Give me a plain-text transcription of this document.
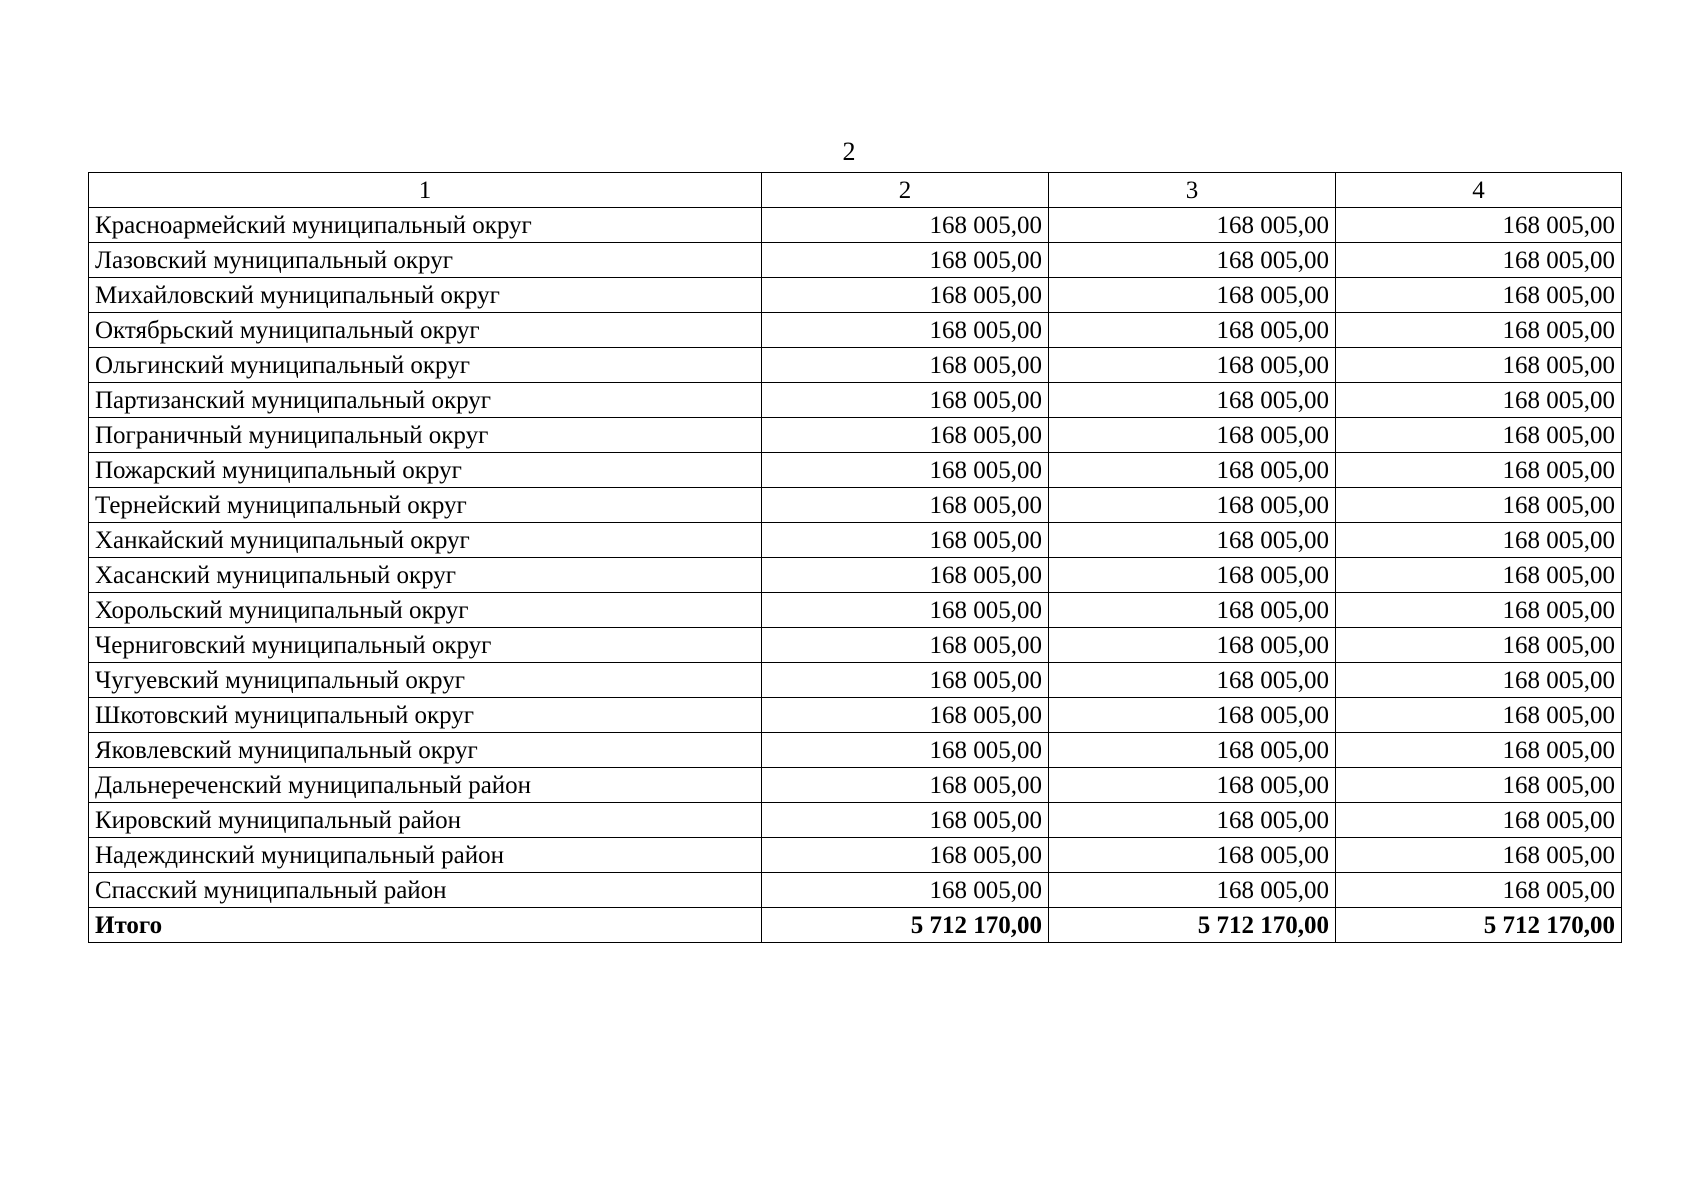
2
1	2	3	4
Красноармейский муниципальный округ	168 005,00	168 005,00	168 005,00
Лазовский муниципальный округ	168 005,00	168 005,00	168 005,00
Михайловский муниципальный округ	168 005,00	168 005,00	168 005,00
Октябрьский муниципальный округ	168 005,00	168 005,00	168 005,00
Ольгинский муниципальный округ	168 005,00	168 005,00	168 005,00
Партизанский муниципальный округ	168 005,00	168 005,00	168 005,00
Пограничный муниципальный округ	168 005,00	168 005,00	168 005,00
Пожарский муниципальный округ	168 005,00	168 005,00	168 005,00
Тернейский муниципальный округ	168 005,00	168 005,00	168 005,00
Ханкайский муниципальный округ	168 005,00	168 005,00	168 005,00
Хасанский муниципальный округ	168 005,00	168 005,00	168 005,00
Хорольский муниципальный округ	168 005,00	168 005,00	168 005,00
Черниговский муниципальный округ	168 005,00	168 005,00	168 005,00
Чугуевский муниципальный округ	168 005,00	168 005,00	168 005,00
Шкотовский муниципальный округ	168 005,00	168 005,00	168 005,00
Яковлевский муниципальный округ	168 005,00	168 005,00	168 005,00
Дальнереченский муниципальный район	168 005,00	168 005,00	168 005,00
Кировский муниципальный район	168 005,00	168 005,00	168 005,00
Надеждинский муниципальный район	168 005,00	168 005,00	168 005,00
Спасский муниципальный район	168 005,00	168 005,00	168 005,00
Итого	5 712 170,00	5 712 170,00	5 712 170,00
